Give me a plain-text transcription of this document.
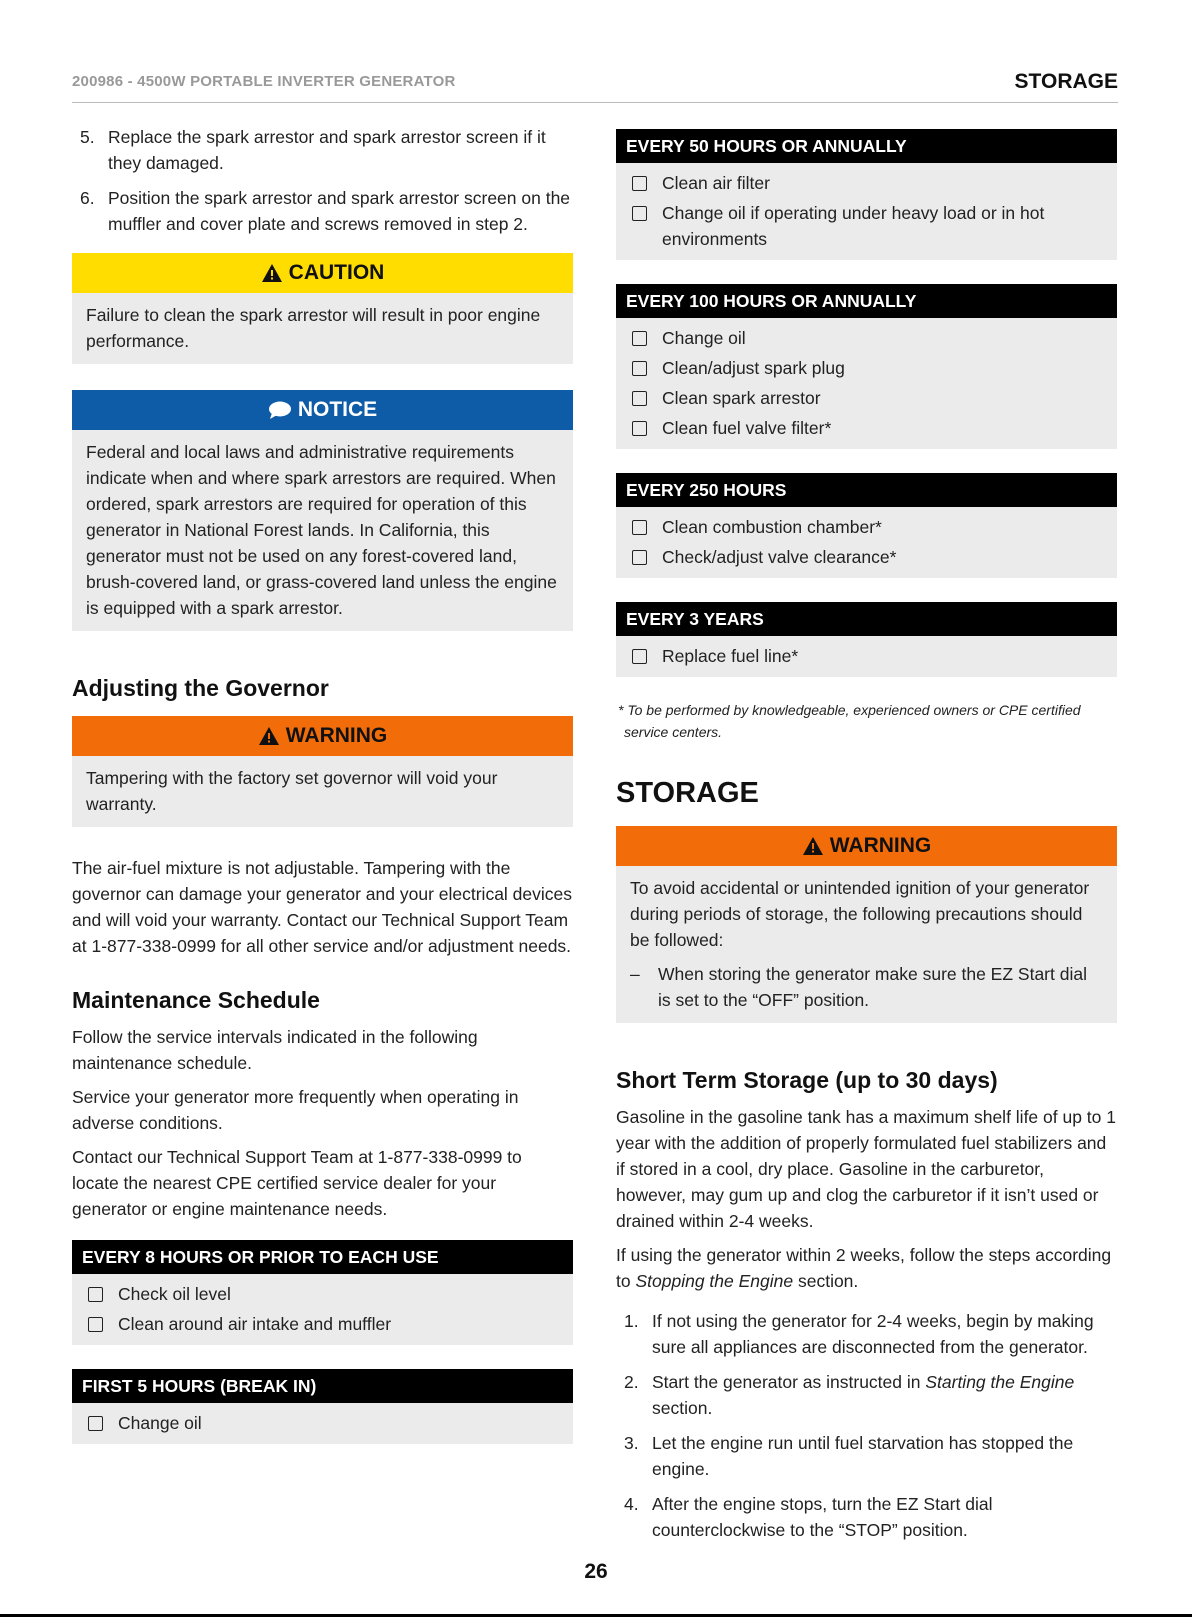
200986 - 4500W PORTABLE INVERTER GENERATOR	STORAGE
5. Replace the spark arrestor and spark arrestor screen if it they damaged.
6. Position the spark arrestor and spark arrestor screen on the muffler and cover plate and screws removed in step 2.
CAUTION

Failure to clean the spark arrestor will result in poor engine performance.

NOTICE

Federal and local laws and administrative requirements indicate when and where spark arrestors are required. When ordered, spark arrestors are required for operation of this generator in National Forest lands. In California, this generator must not be used on any forest-covered land, brush-covered land, or grass-covered land unless the engine is equipped with a spark arrestor.

Adjusting the Governor
WARNING

Tampering with the factory set governor will void your warranty.

The air-fuel mixture is not adjustable. Tampering with the governor can damage your generator and your electrical devices and will void your warranty. Contact our Technical Support Team at 1-877-338-0999 for all other service and/or adjustment needs.

Maintenance Schedule

Follow the service intervals indicated in the following maintenance schedule.

Service your generator more frequently when operating in adverse conditions.

Contact our Technical Support Team at 1-877-338-0999 to locate the nearest CPE certified service dealer for your generator or engine maintenance needs.

EVERY 8 HOURS OR PRIOR TO EACH USE
Check oil level
Clean around air intake and muffler
FIRST 5 HOURS (BREAK IN)
Change oil
EVERY 50 HOURS OR ANNUALLY
Clean air filter
Change oil if operating under heavy load or in hot environments
EVERY 100 HOURS OR ANNUALLY
Change oil
Clean/adjust spark plug
Clean spark arrestor
Clean fuel valve filter*
EVERY 250 HOURS
Clean combustion chamber*
Check/adjust valve clearance*
EVERY 3 YEARS
Replace fuel line*

* To be performed by knowledgeable, experienced owners or CPE certified service centers.

STORAGE
WARNING

To avoid accidental or unintended ignition of your generator during periods of storage, the following precautions should be followed:

– When storing the generator make sure the EZ Start dial is set to the “OFF” position.
Short Term Storage (up to 30 days)

Gasoline in the gasoline tank has a maximum shelf life of up to 1 year with the addition of properly formulated fuel stabilizers and if stored in a cool, dry place. Gasoline in the carburetor, however, may gum up and clog the carburetor if it isn’t used or drained within 2-4 weeks.

If using the generator within 2 weeks, follow the steps according to Stopping the Engine section.

1. If not using the generator for 2-4 weeks, begin by making sure all appliances are disconnected from the generator.
2. Start the generator as instructed in Starting the Engine section.
3. Let the engine run until fuel starvation has stopped the engine.
4. After the engine stops, turn the EZ Start dial counterclockwise to the “STOP” position.
26
